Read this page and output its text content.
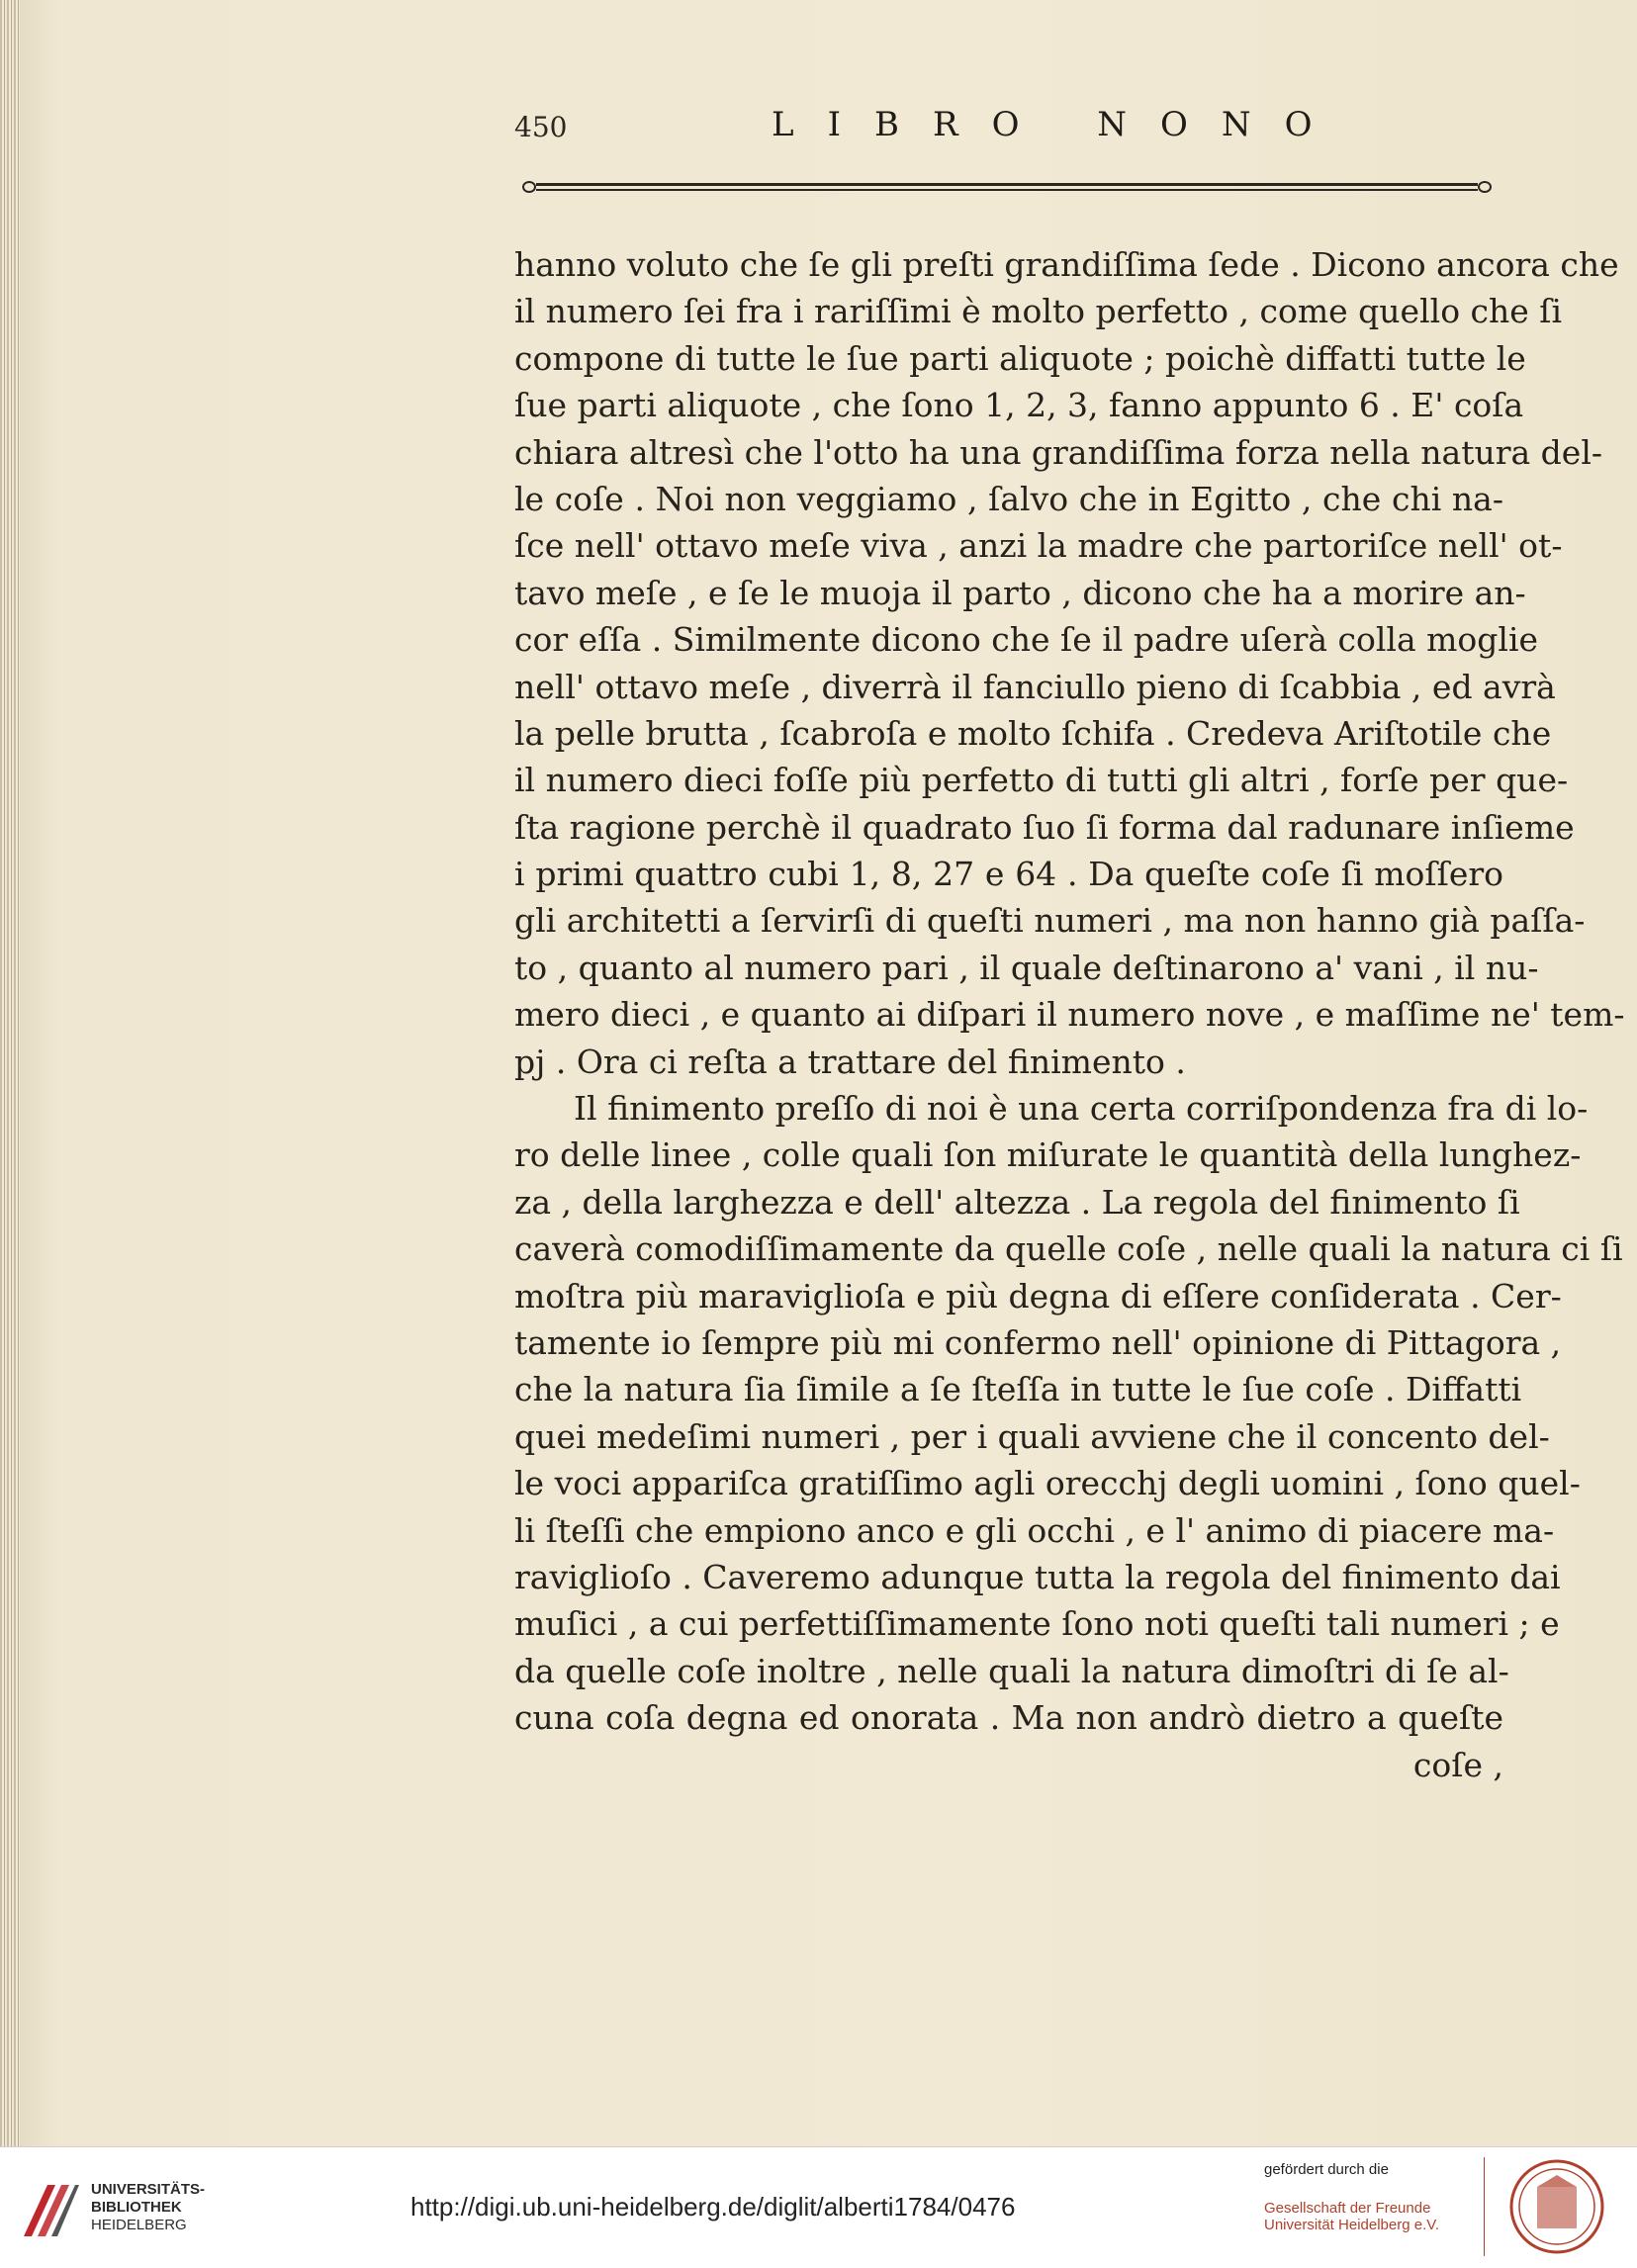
450	LIBRO NONO
hanno voluto che ſe gli preſti grandiſſima ſede . Dicono ancora che
il numero ſei fra i rariſſimi è molto perfetto , come quello che ſi
compone di tutte le ſue parti aliquote ; poichè diffatti tutte le
ſue parti aliquote , che ſono 1, 2, 3, fanno appunto 6 . E' coſa
chiara altresì che l'otto ha una grandiſſima forza nella natura del-
le coſe . Noi non veggiamo , ſalvo che in Egitto , che chi na-
ſce nell' ottavo meſe viva , anzi la madre che partoriſce nell' ot-
tavo meſe , e ſe le muoja il parto , dicono che ha a morire an-
cor eſſa . Similmente dicono che ſe il padre uſerà colla moglie
nell' ottavo meſe , diverrà il fanciullo pieno di ſcabbia , ed avrà
la pelle brutta , ſcabroſa e molto ſchifa . Credeva Ariſtotile che
il numero dieci foſſe più perfetto di tutti gli altri , forſe per que-
ſta ragione perchè il quadrato ſuo ſi forma dal radunare inſieme
i primi quattro cubi 1, 8, 27 e 64 . Da queſte coſe ſi moſſero
gli architetti a ſervirſi di queſti numeri , ma non hanno già paſſa-
to , quanto al numero pari , il quale deſtinarono a' vani , il nu-
mero dieci , e quanto ai diſpari il numero nove , e maſſime ne' tem-
pj . Ora ci reſta a trattare del finimento .
Il finimento preſſo di noi è una certa corriſpondenza fra di lo-
ro delle linee , colle quali ſon miſurate le quantità della lunghez-
za , della larghezza e dell' altezza . La regola del finimento ſi
caverà comodiſſimamente da quelle coſe , nelle quali la natura ci ſi
moſtra più maraviglioſa e più degna di eſſere conſiderata . Cer-
tamente io ſempre più mi confermo nell' opinione di Pittagora ,
che la natura ſia ſimile a ſe ſteſſa in tutte le ſue coſe . Diffatti
quei medeſimi numeri , per i quali avviene che il concento del-
le voci appariſca gratiſſimo agli orecchj degli uomini , ſono quel-
li ſteſſi che empiono anco e gli occhi , e l' animo di piacere ma-
raviglioſo . Caveremo adunque tutta la regola del finimento dai
muſici , a cui perfettiſſimamente ſono noti queſti tali numeri ; e
da quelle coſe inoltre , nelle quali la natura dimoſtri di ſe al-
cuna coſa degna ed onorata . Ma non andrò dietro a queſte
coſe ,
UNIVERSITÄTS-
BIBLIOTHEK
HEIDELBERG
http://digi.ub.uni-heidelberg.de/diglit/alberti1784/0476
gefördert durch die
Gesellschaft der Freunde
Universität Heidelberg e.V.
